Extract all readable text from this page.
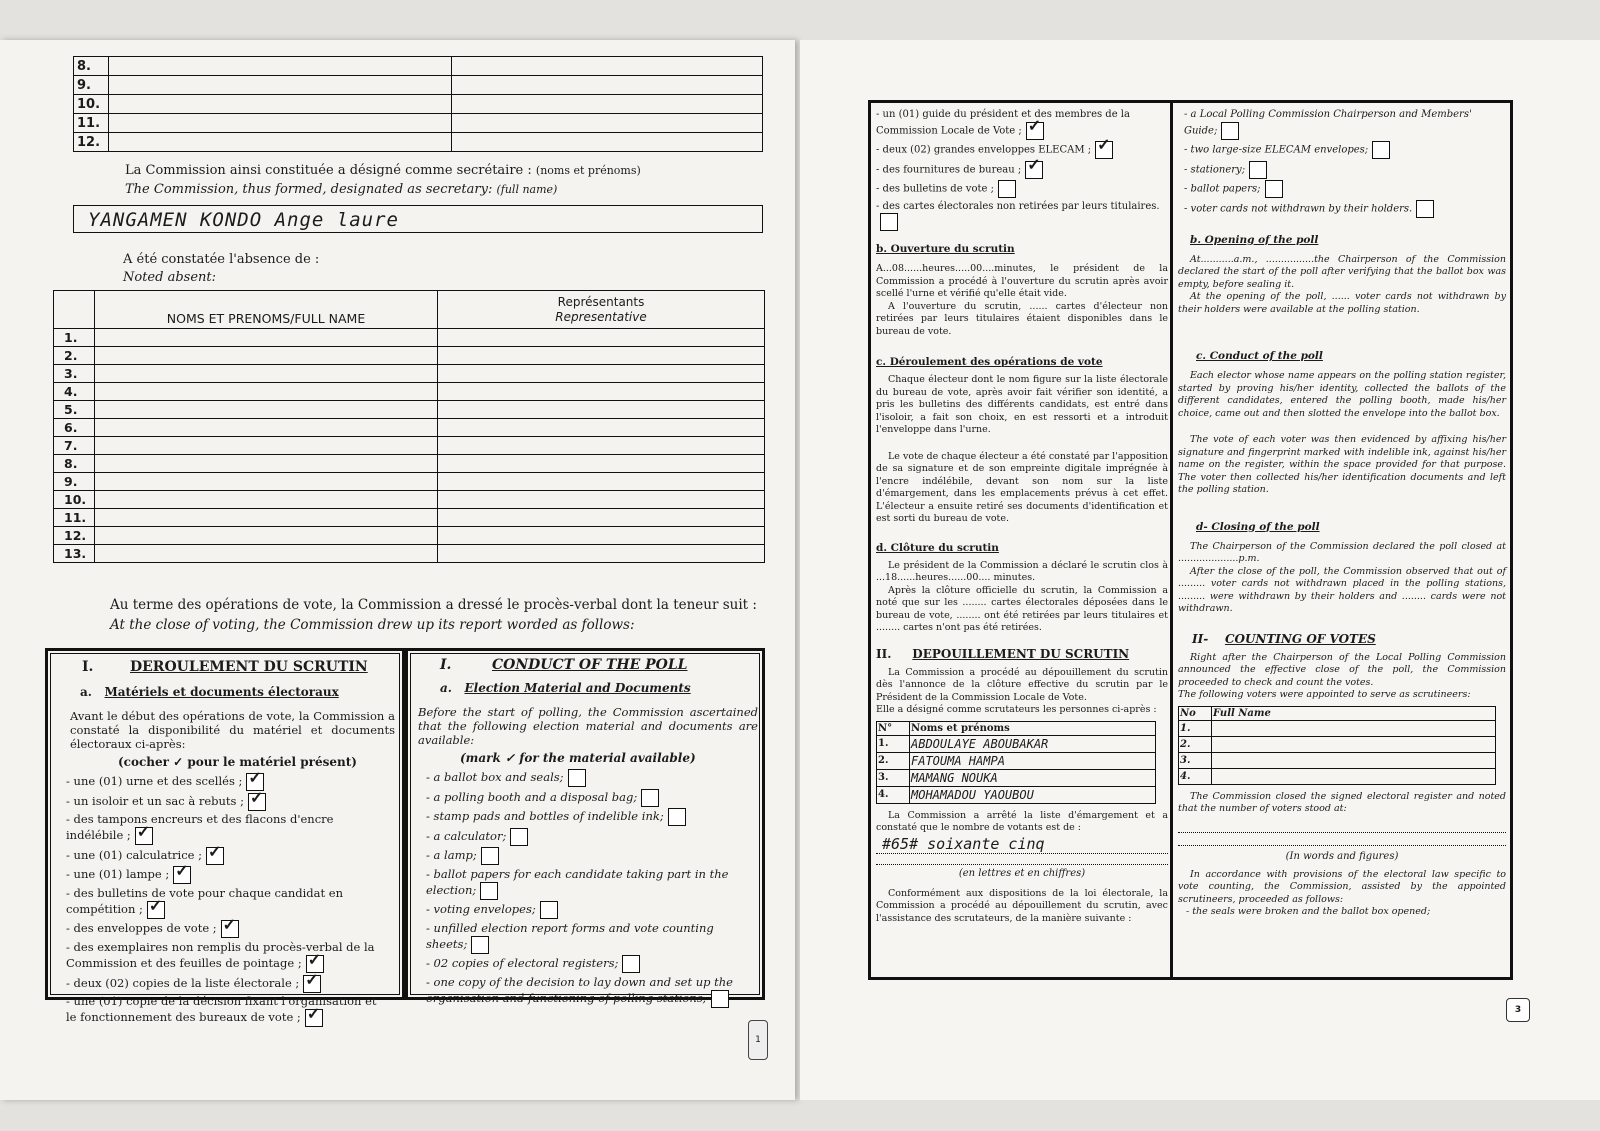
8.		
9.		
10.		
11.		
12.		
La Commission ainsi constituée a désigné comme secrétaire : (noms et prénoms)
The Commission, thus formed, designated as secretary: (full name)
YANGAMEN KONDO Ange laure
A été constatée l'absence de :
Noted absent:
	NOMS ET PRENOMS/FULL NAME	Représentants
Representative
1.		
2.		
3.		
4.		
5.		
6.		
7.		
8.		
9.		
10.		
11.		
12.		
13.		
Au terme des opérations de vote, la Commission a dressé le procès-verbal dont la teneur suit :
At the close of voting, the Commission drew up its report worded as follows:
I.	DEROULEMENT DU SCRUTIN
a. Matériels et documents électoraux
Avant le début des opérations de vote, la Commission a constaté la disponibilité du matériel et documents électoraux ci-après:
(cocher ✓ pour le matériel présent)
- une (01) urne et des scellés ;✓
- un isoloir et un sac à rebuts ;✓
- des tampons encreurs et des flacons d'encre indélébile ;✓
- une (01) calculatrice ;✓
- une (01) lampe ;✓
- des bulletins de vote pour chaque candidat en compétition ;✓
- des enveloppes de vote ;✓
- des exemplaires non remplis du procès-verbal de la Commission et des feuilles de pointage ;✓
- deux (02) copies de la liste électorale ;✓
- une (01) copie de la décision fixant l'organisation et le fonctionnement des bureaux de vote ;✓
I.	CONDUCT OF THE POLL
a. Election Material and Documents
Before the start of polling, the Commission ascertained that the following election material and documents are available:
(mark ✓ for the material available)
- a ballot box and seals;
- a polling booth and a disposal bag;
- stamp pads and bottles of indelible ink;
- a calculator;
- a lamp;
- ballot papers for each candidate taking part in the election;
- voting envelopes;
- unfilled election report forms and vote counting sheets;
- 02 copies of electoral registers;
- one copy of the decision to lay down and set up the organisation and functioning of polling stations;
1
- un (01) guide du président et des membres de la Commission Locale de Vote ;✓
- deux (02) grandes enveloppes ELECAM ;✓
- des fournitures de bureau ;✓
- des bulletins de vote ;
- des cartes électorales non retirées par leurs titulaires.
b. Ouverture du scrutin
A...08......heures.....00....minutes, le président de la Commission a procédé à l'ouverture du scrutin après avoir scellé l'urne et vérifié qu'elle était vide.
A l'ouverture du scrutin, ...... cartes d'électeur non retirées par leurs titulaires étaient disponibles dans le bureau de vote.
c. Déroulement des opérations de vote
Chaque électeur dont le nom figure sur la liste électorale du bureau de vote, après avoir fait vérifier son identité, a pris les bulletins des différents candidats, est entré dans l'isoloir, a fait son choix, en est ressorti et a introduit l'enveloppe dans l'urne.
Le vote de chaque électeur a été constaté par l'apposition de sa signature et de son empreinte digitale imprégnée à l'encre indélébile, devant son nom sur la liste d'émargement, dans les emplacements prévus à cet effet. L'électeur a ensuite retiré ses documents d'identification et est sorti du bureau de vote.
d. Clôture du scrutin
Le président de la Commission a déclaré le scrutin clos à ...18......heures......00.... minutes.
Après la clôture officielle du scrutin, la Commission a noté que sur les ........ cartes électorales déposées dans le bureau de vote, ........ ont été retirées par leurs titulaires et ........ cartes n'ont pas été retirées.
II. DEPOUILLEMENT DU SCRUTIN
La Commission a procédé au dépouillement du scrutin dès l'annonce de la clôture effective du scrutin par le Président de la Commission Locale de Vote.
Elle a désigné comme scrutateurs les personnes ci-après :
N°	Noms et prénoms
1.	ABDOULAYE ABOUBAKAR
2.	FATOUMA HAMPA
3.	MAMANG NOUKA
4.	MOHAMADOU YAOUBOU
La Commission a arrêté la liste d'émargement et a constaté que le nombre de votants est de :
#65# soixante cinq
(en lettres et en chiffres)
Conformément aux dispositions de la loi électorale, la Commission a procédé au dépouillement du scrutin, avec l'assistance des scrutateurs, de la manière suivante :
- a Local Polling Commission Chairperson and Members' Guide;
- two large-size ELECAM envelopes;
- stationery;
- ballot papers;
- voter cards not withdrawn by their holders.
b. Opening of the poll
At...........a.m., ................the Chairperson of the Commission declared the start of the poll after verifying that the ballot box was empty, before sealing it.
At the opening of the poll, ...... voter cards not withdrawn by their holders were available at the polling station.
c. Conduct of the poll
Each elector whose name appears on the polling station register, started by proving his/her identity, collected the ballots of the different candidates, entered the polling booth, made his/her choice, came out and then slotted the envelope into the ballot box.
The vote of each voter was then evidenced by affixing his/her signature and fingerprint marked with indelible ink, against his/her name on the register, within the space provided for that purpose. The voter then collected his/her identification documents and left the polling station.
d- Closing of the poll
The Chairperson of the Commission declared the poll closed at ....................p.m.
After the close of the poll, the Commission observed that out of ......... voter cards not withdrawn placed in the polling stations, ......... were withdrawn by their holders and ........ cards were not withdrawn.
II- COUNTING OF VOTES
Right after the Chairperson of the Local Polling Commission announced the effective close of the poll, the Commission proceeded to check and count the votes.
The following voters were appointed to serve as scrutineers:
No	Full Name
1.	
2.	
3.	
4.	
The Commission closed the signed electoral register and noted that the number of voters stood at:
(In words and figures)
In accordance with provisions of the electoral law specific to vote counting, the Commission, assisted by the appointed scrutineers, proceeded as follows:
- the seals were broken and the ballot box opened;
3
